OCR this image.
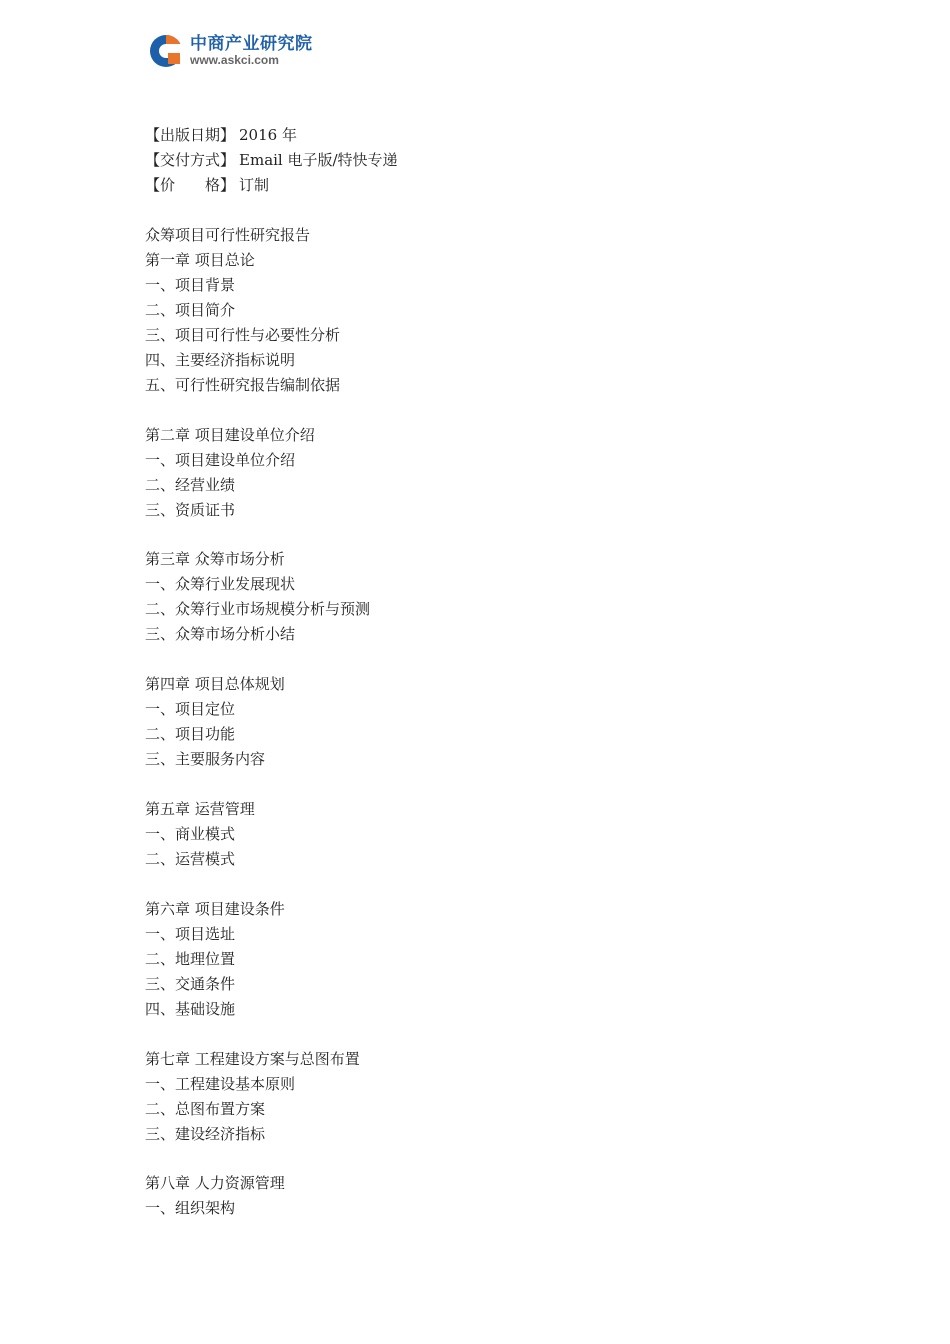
中商产业研究院
www.askci.com
【出版日期】 2016 年
【交付方式】 Email 电子版/特快专递
【价　　格】 订制
众筹项目可行性研究报告
第一章 项目总论
一、项目背景
二、项目简介
三、项目可行性与必要性分析
四、主要经济指标说明
五、可行性研究报告编制依据
第二章 项目建设单位介绍
一、项目建设单位介绍
二、经营业绩
三、资质证书
第三章 众筹市场分析
一、众筹行业发展现状
二、众筹行业市场规模分析与预测
三、众筹市场分析小结
第四章 项目总体规划
一、项目定位
二、项目功能
三、主要服务内容
第五章 运营管理
一、商业模式
二、运营模式
第六章 项目建设条件
一、项目选址
二、地理位置
三、交通条件
四、基础设施
第七章 工程建设方案与总图布置
一、工程建设基本原则
二、总图布置方案
三、建设经济指标
第八章 人力资源管理
一、组织架构
